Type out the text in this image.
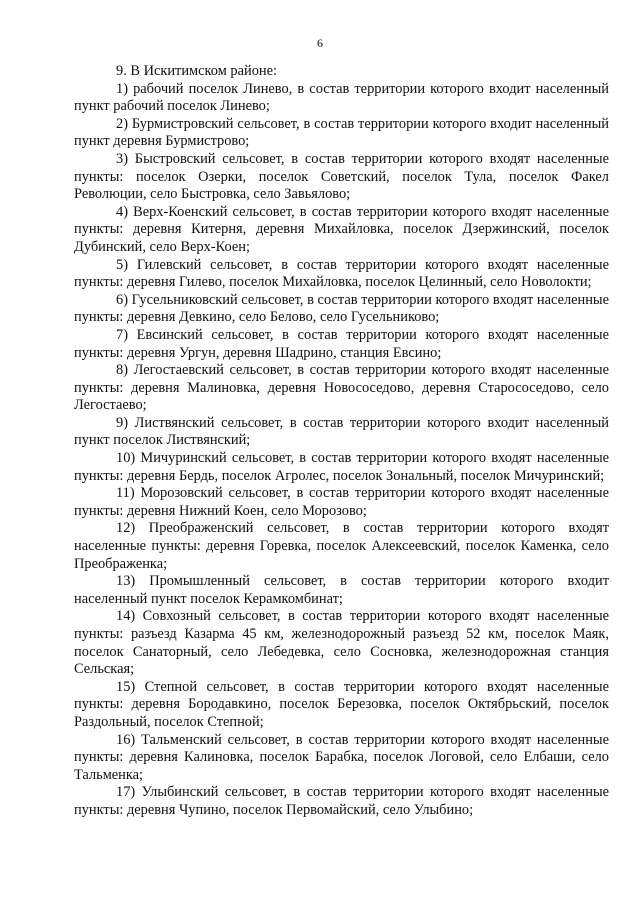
6

9. В Искитимском районе:

1) рабочий поселок Линево, в состав территории которого входит населенный пункт рабочий поселок Линево;

2) Бурмистровский сельсовет, в состав территории которого входит населенный пункт деревня Бурмистрово;

3) Быстровский сельсовет, в состав территории которого входят населенные пункты: поселок Озерки, поселок Советский, поселок Тула, поселок Факел Революции, село Быстровка, село Завьялово;

4) Верх-Коенский сельсовет, в состав территории которого входят населенные пункты: деревня Китерня, деревня Михайловка, поселок Дзержинский, поселок Дубинский, село Верх-Коен;

5) Гилевский сельсовет, в состав территории которого входят населенные пункты: деревня Гилево, поселок Михайловка, поселок Целинный, село Новолокти;

6) Гусельниковский сельсовет, в состав территории которого входят населенные пункты: деревня Девкино, село Белово, село Гусельниково;

7) Евсинский сельсовет, в состав территории которого входят населенные пункты: деревня Ургун, деревня Шадрино, станция Евсино;

8) Легостаевский сельсовет, в состав территории которого входят населенные пункты: деревня Малиновка, деревня Новососедово, деревня Старососедово, село Легостаево;

9) Листвянский сельсовет, в состав территории которого входит населенный пункт поселок Листвянский;

10) Мичуринский сельсовет, в состав территории которого входят населенные пункты: деревня Бердь, поселок Агролес, поселок Зональный, поселок Мичуринский;

11) Морозовский сельсовет, в состав территории которого входят населенные пункты: деревня Нижний Коен, село Морозово;

12) Преображенский сельсовет, в состав территории которого входят населенные пункты: деревня Горевка, поселок Алексеевский, поселок Каменка, село Преображенка;

13) Промышленный сельсовет, в состав территории которого входит населенный пункт поселок Керамкомбинат;

14) Совхозный сельсовет, в состав территории которого входят населенные пункты: разъезд Казарма 45 км, железнодорожный разъезд 52 км, поселок Маяк, поселок Санаторный, село Лебедевка, село Сосновка, железнодорожная станция Сельская;

15) Степной сельсовет, в состав территории которого входят населенные пункты: деревня Бородавкино, поселок Березовка, поселок Октябрьский, поселок Раздольный, поселок Степной;

16) Тальменский сельсовет, в состав территории которого входят населенные пункты: деревня Калиновка, поселок Барабка, поселок Логовой, село Елбаши, село Тальменка;

17) Улыбинский сельсовет, в состав территории которого входят населенные пункты: деревня Чупино, поселок Первомайский, село Улыбино;
